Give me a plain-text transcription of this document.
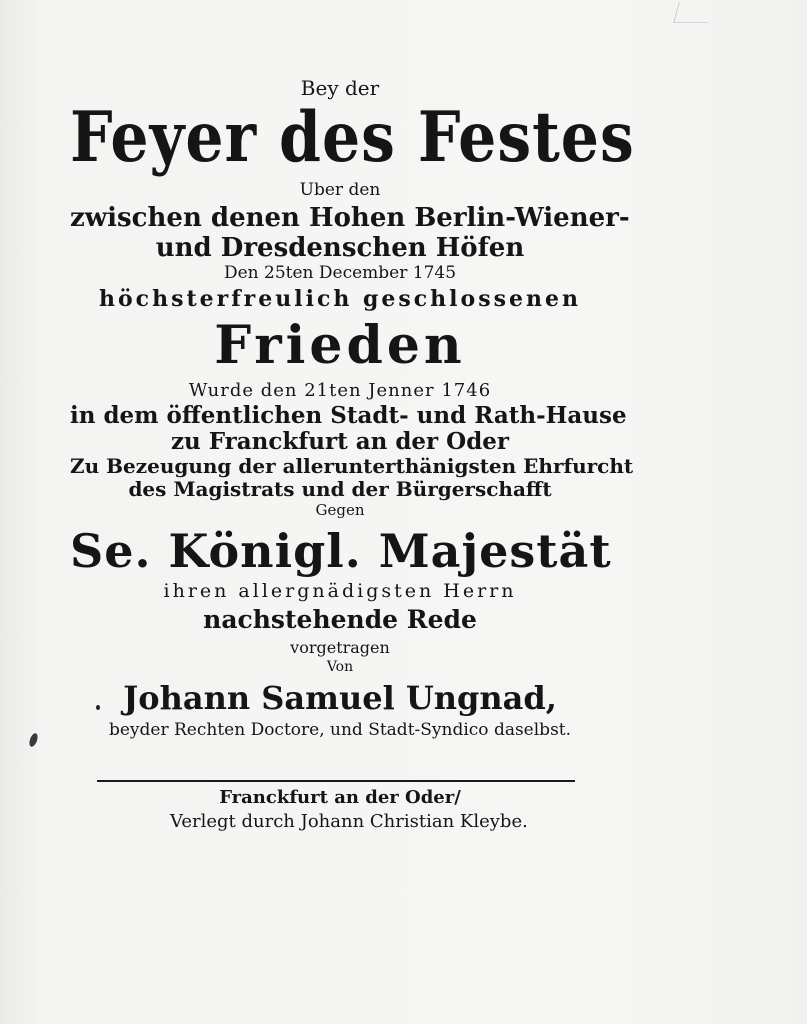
Bey der
Feyer des Festes
Uber den
zwischen denen Hohen Berlin-Wiener-
und Dresdenschen Höfen
Den 25ten December 1745
höchsterfreulich geschlossenen
Frieden
Wurde den 21ten Jenner 1746
in dem öffentlichen Stadt- und Rath-Hause
zu Franckfurt an der Oder
Zu Bezeugung der allerunterthänigsten Ehrfurcht
des Magistrats und der Bürgerschafft
Gegen
Se. Königl. Majestät
ihren allergnädigsten Herrn
nachstehende Rede
vorgetragen
Von
Johann Samuel Ungnad,
beyder Rechten Doctore, und Stadt-Syndico daselbst.
Franckfurt an der Oder/
Verlegt durch Johann Christian Kleybe.
